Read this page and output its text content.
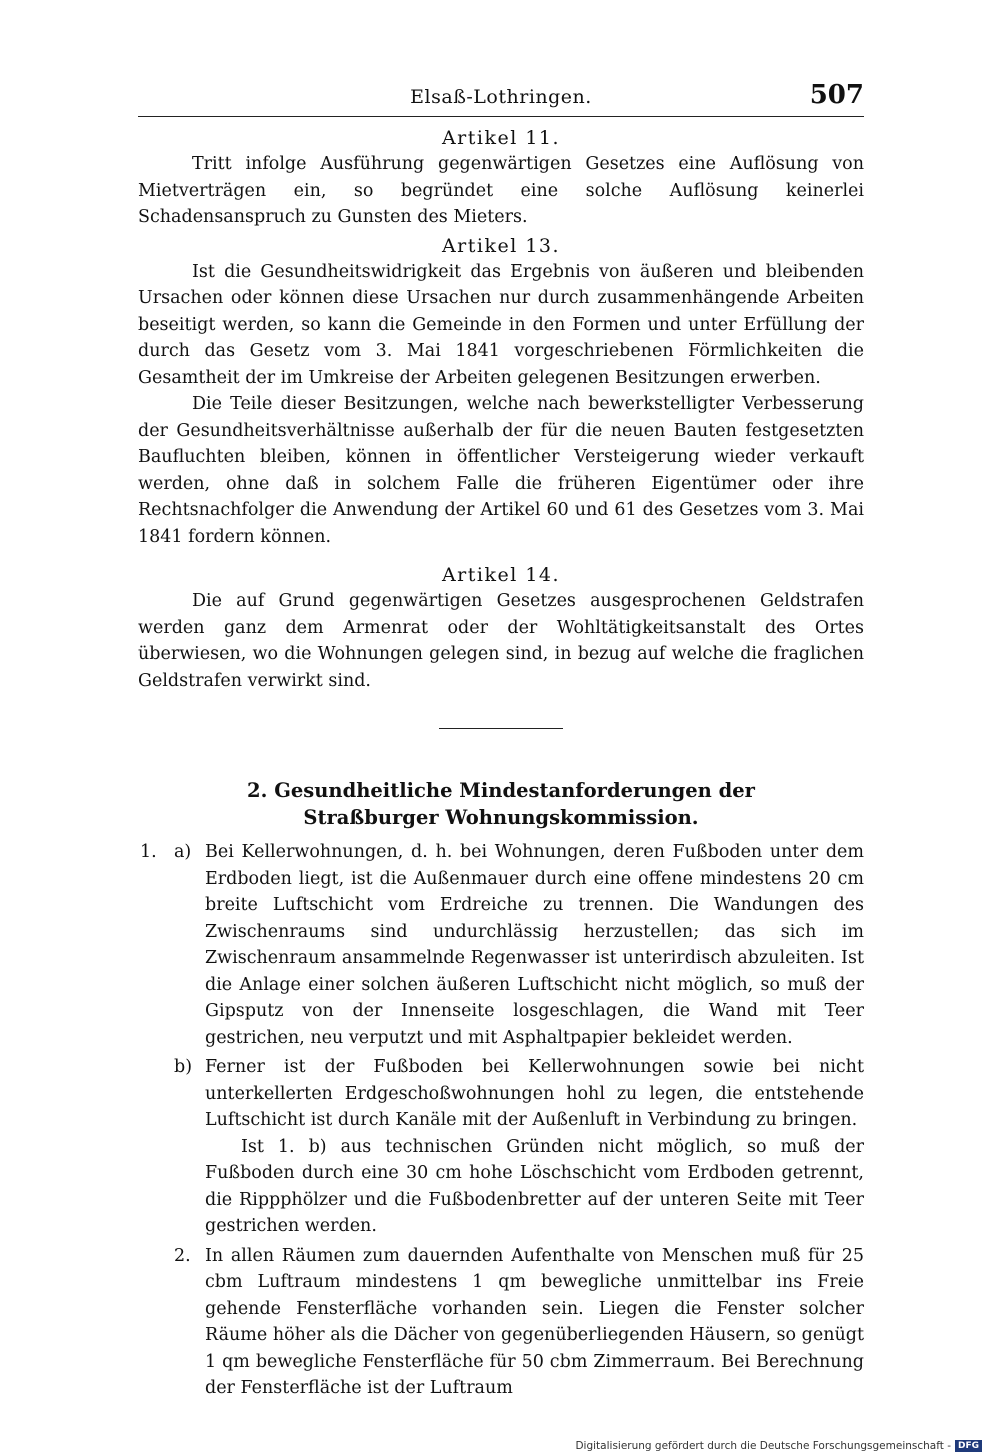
Elsaß-Lothringen.	507
Artikel 11.

Tritt infolge Ausführung gegenwärtigen Gesetzes eine Auflösung von Mietverträgen ein, so begründet eine solche Auflösung keinerlei Schadensanspruch zu Gunsten des Mieters.

Artikel 13.

Ist die Gesundheitswidrigkeit das Ergebnis von äußeren und bleibenden Ursachen oder können diese Ursachen nur durch zusammenhängende Arbeiten beseitigt werden, so kann die Gemeinde in den Formen und unter Erfüllung der durch das Gesetz vom 3. Mai 1841 vorgeschriebenen Förmlichkeiten die Gesamtheit der im Umkreise der Arbeiten gelegenen Besitzungen erwerben.

Die Teile dieser Besitzungen, welche nach bewerkstelligter Verbesserung der Gesundheitsverhältnisse außerhalb der für die neuen Bauten festgesetzten Baufluchten bleiben, können in öffentlicher Versteigerung wieder verkauft werden, ohne daß in solchem Falle die früheren Eigentümer oder ihre Rechtsnachfolger die Anwendung der Artikel 60 und 61 des Gesetzes vom 3. Mai 1841 fordern können.

Artikel 14.

Die auf Grund gegenwärtigen Gesetzes ausgesprochenen Geldstrafen werden ganz dem Armenrat oder der Wohltätigkeitsanstalt des Ortes überwiesen, wo die Wohnungen gelegen sind, in bezug auf welche die fraglichen Geldstrafen verwirkt sind.

2. Gesundheitliche Mindestanforderungen der Straßburger Wohnungskommission.
1. a) Bei Kellerwohnungen, d. h. bei Wohnungen, deren Fußboden unter dem Erdboden liegt, ist die Außenmauer durch eine offene mindestens 20 cm breite Luftschicht vom Erdreiche zu trennen. Die Wandungen des Zwischenraums sind undurchlässig herzustellen; das sich im Zwischenraum ansammelnde Regenwasser ist unterirdisch abzuleiten. Ist die Anlage einer solchen äußeren Luftschicht nicht möglich, so muß der Gipsputz von der Innenseite losgeschlagen, die Wand mit Teer gestrichen, neu verputzt und mit Asphaltpapier bekleidet werden.

b) Ferner ist der Fußboden bei Kellerwohnungen sowie bei nicht unterkellerten Erdgeschoßwohnungen hohl zu legen, die entstehende Luftschicht ist durch Kanäle mit der Außenluft in Verbindung zu bringen.

Ist 1. b) aus technischen Gründen nicht möglich, so muß der Fußboden durch eine 30 cm hohe Löschschicht vom Erdboden getrennt, die Rippphölzer und die Fußbodenbretter auf der unteren Seite mit Teer gestrichen werden.

2. In allen Räumen zum dauernden Aufenthalte von Menschen muß für 25 cbm Luftraum mindestens 1 qm bewegliche unmittelbar ins Freie gehende Fensterfläche vorhanden sein. Liegen die Fenster solcher Räume höher als die Dächer von gegenüberliegenden Häusern, so genügt 1 qm bewegliche Fensterfläche für 50 cbm Zimmerraum. Bei Berechnung der Fensterfläche ist der Luftraum

Digitalisierung gefördert durch die Deutsche Forschungsgemeinschaft - DFG
